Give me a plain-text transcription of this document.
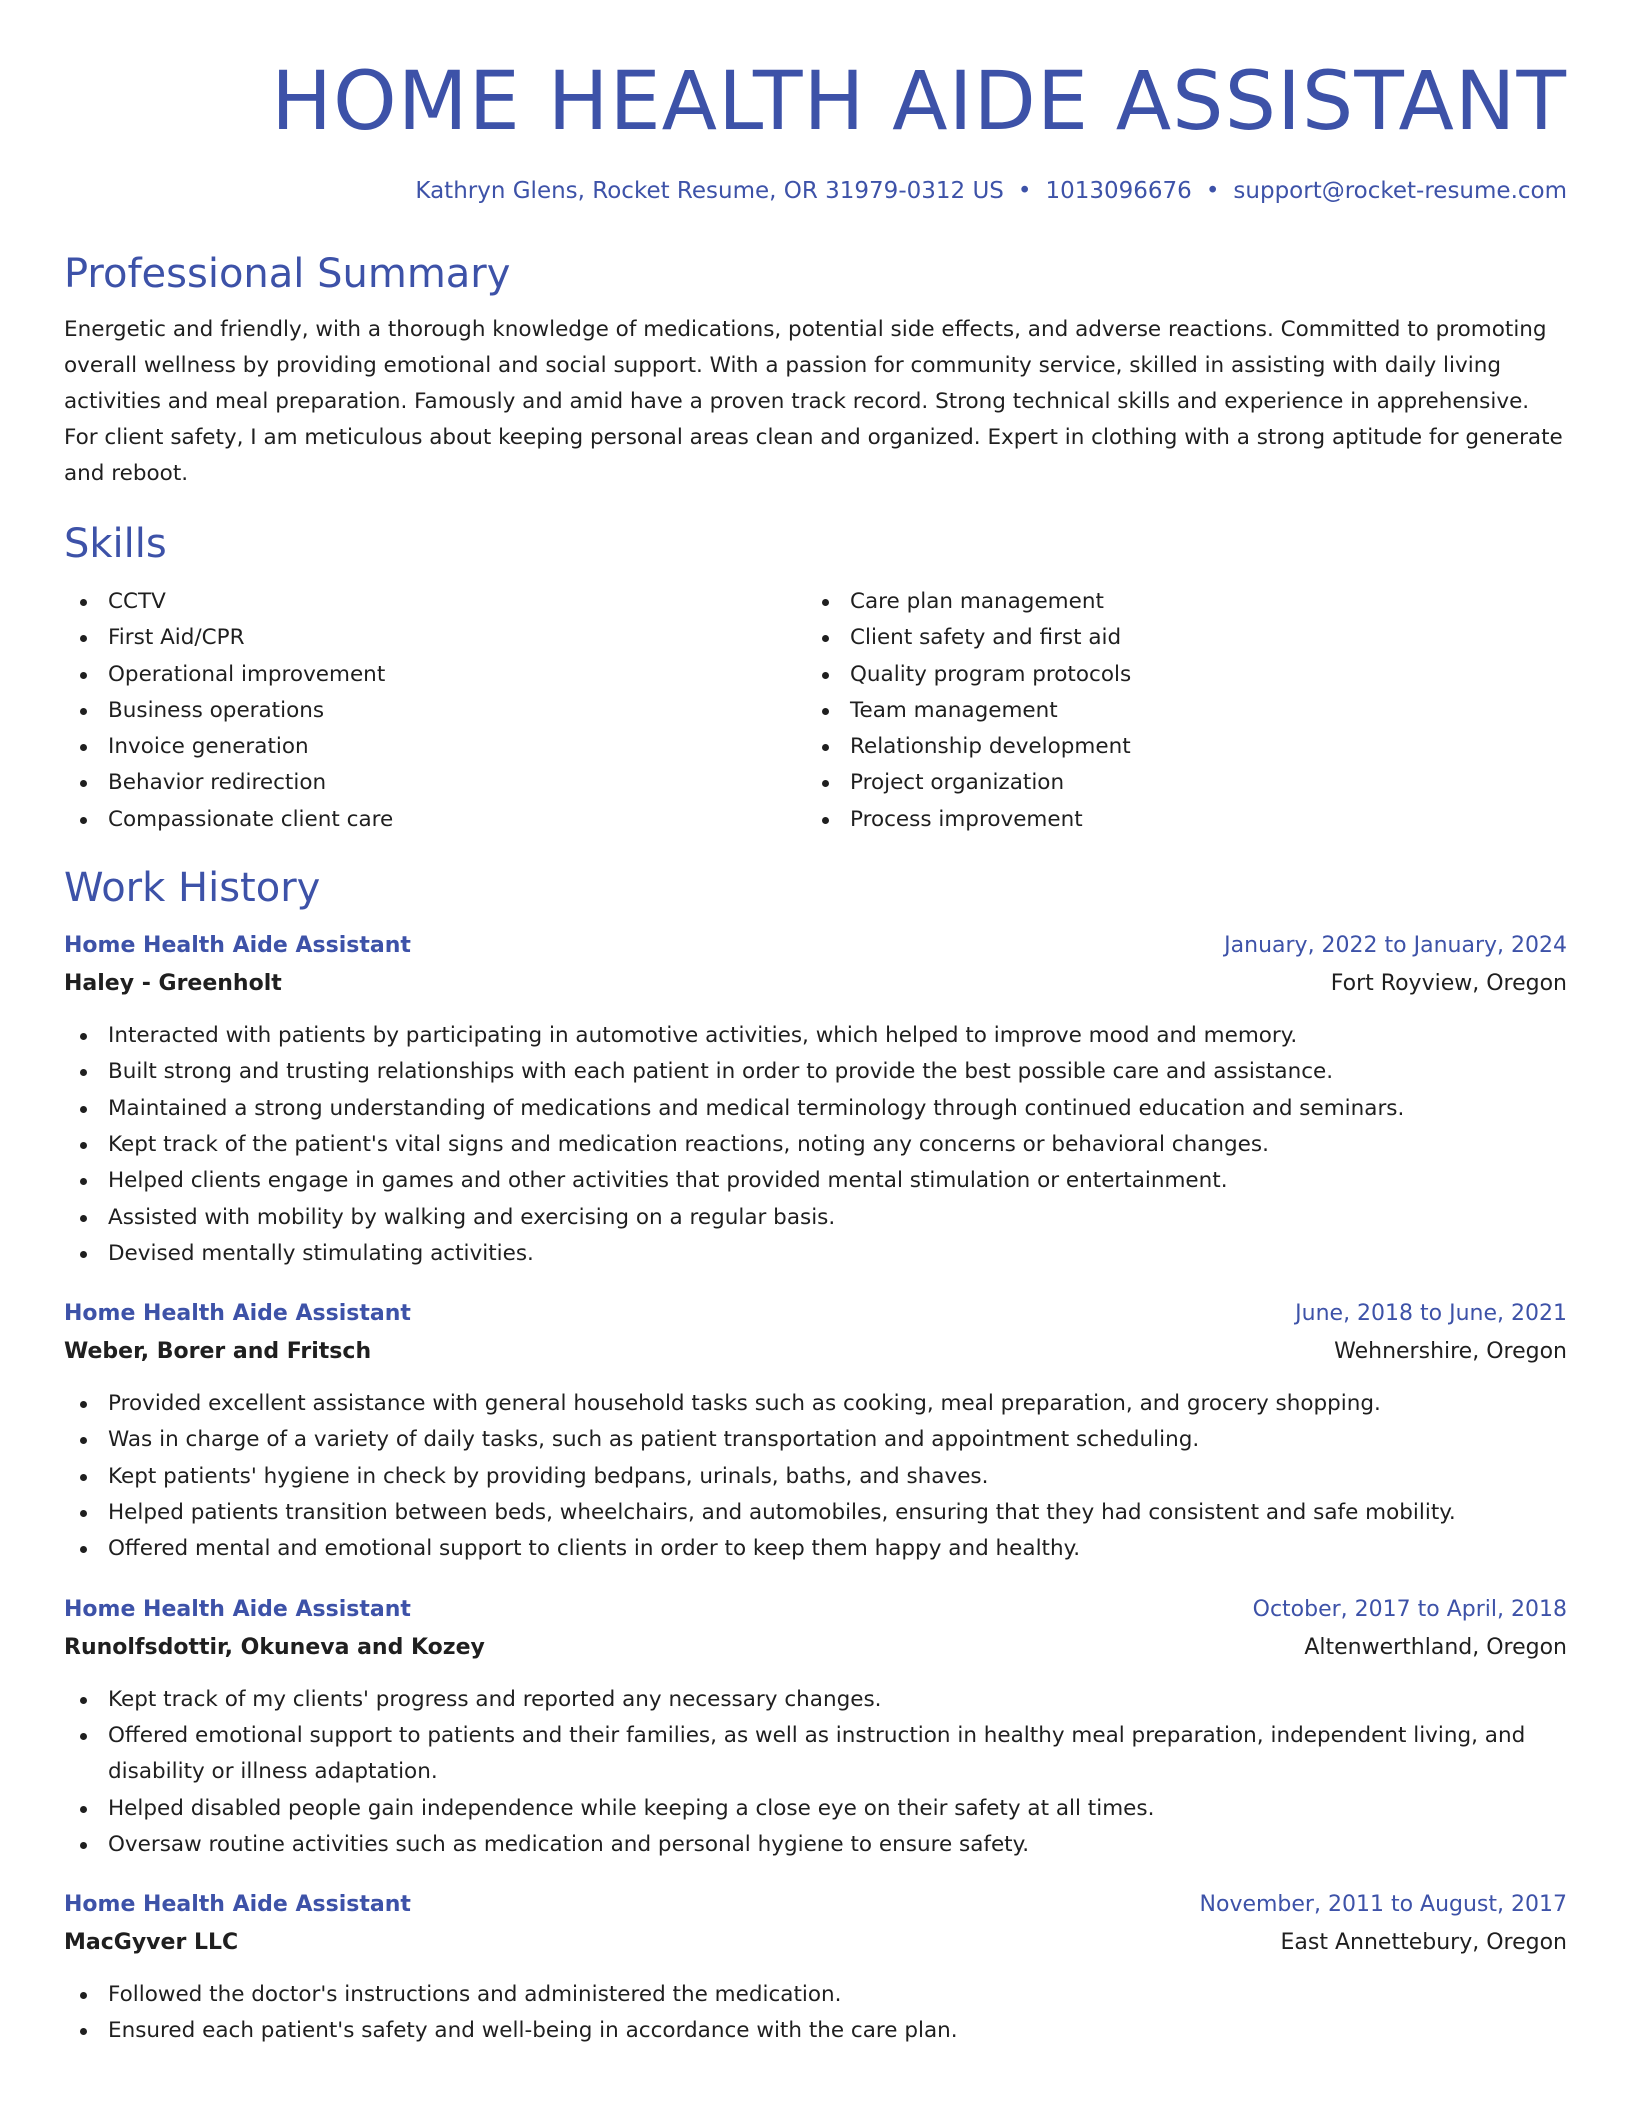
HOME HEALTH AIDE ASSISTANT
Kathryn Glens, Rocket Resume, OR 31979-0312 US • 1013096676 • support@rocket-resume.com
Professional Summary

Energetic and friendly, with a thorough knowledge of medications, potential side effects, and adverse reactions. Committed to promoting overall wellness by providing emotional and social support. With a passion for community service, skilled in assisting with daily living activities and meal preparation. Famously and amid have a proven track record. Strong technical skills and experience in apprehensive. For client safety, I am meticulous about keeping personal areas clean and organized. Expert in clothing with a strong aptitude for generate and reboot.

Skills
CCTV
First Aid/CPR
Operational improvement
Business operations
Invoice generation
Behavior redirection
Compassionate client care
Care plan management
Client safety and first aid
Quality program protocols
Team management
Relationship development
Project organization
Process improvement
Work History
Home Health Aide Assistant	January, 2022 to January, 2024
Haley - Greenholt	Fort Royview, Oregon
Interacted with patients by participating in automotive activities, which helped to improve mood and memory.
Built strong and trusting relationships with each patient in order to provide the best possible care and assistance.
Maintained a strong understanding of medications and medical terminology through continued education and seminars.
Kept track of the patient's vital signs and medication reactions, noting any concerns or behavioral changes.
Helped clients engage in games and other activities that provided mental stimulation or entertainment.
Assisted with mobility by walking and exercising on a regular basis.
Devised mentally stimulating activities.
Home Health Aide Assistant	June, 2018 to June, 2021
Weber, Borer and Fritsch	Wehnershire, Oregon
Provided excellent assistance with general household tasks such as cooking, meal preparation, and grocery shopping.
Was in charge of a variety of daily tasks, such as patient transportation and appointment scheduling.
Kept patients' hygiene in check by providing bedpans, urinals, baths, and shaves.
Helped patients transition between beds, wheelchairs, and automobiles, ensuring that they had consistent and safe mobility.
Offered mental and emotional support to clients in order to keep them happy and healthy.
Home Health Aide Assistant	October, 2017 to April, 2018
Runolfsdottir, Okuneva and Kozey	Altenwerthland, Oregon
Kept track of my clients' progress and reported any necessary changes.
Offered emotional support to patients and their families, as well as instruction in healthy meal preparation, independent living, and disability or illness adaptation.
Helped disabled people gain independence while keeping a close eye on their safety at all times.
Oversaw routine activities such as medication and personal hygiene to ensure safety.
Home Health Aide Assistant	November, 2011 to August, 2017
MacGyver LLC	East Annettebury, Oregon
Followed the doctor's instructions and administered the medication.
Ensured each patient's safety and well-being in accordance with the care plan.
